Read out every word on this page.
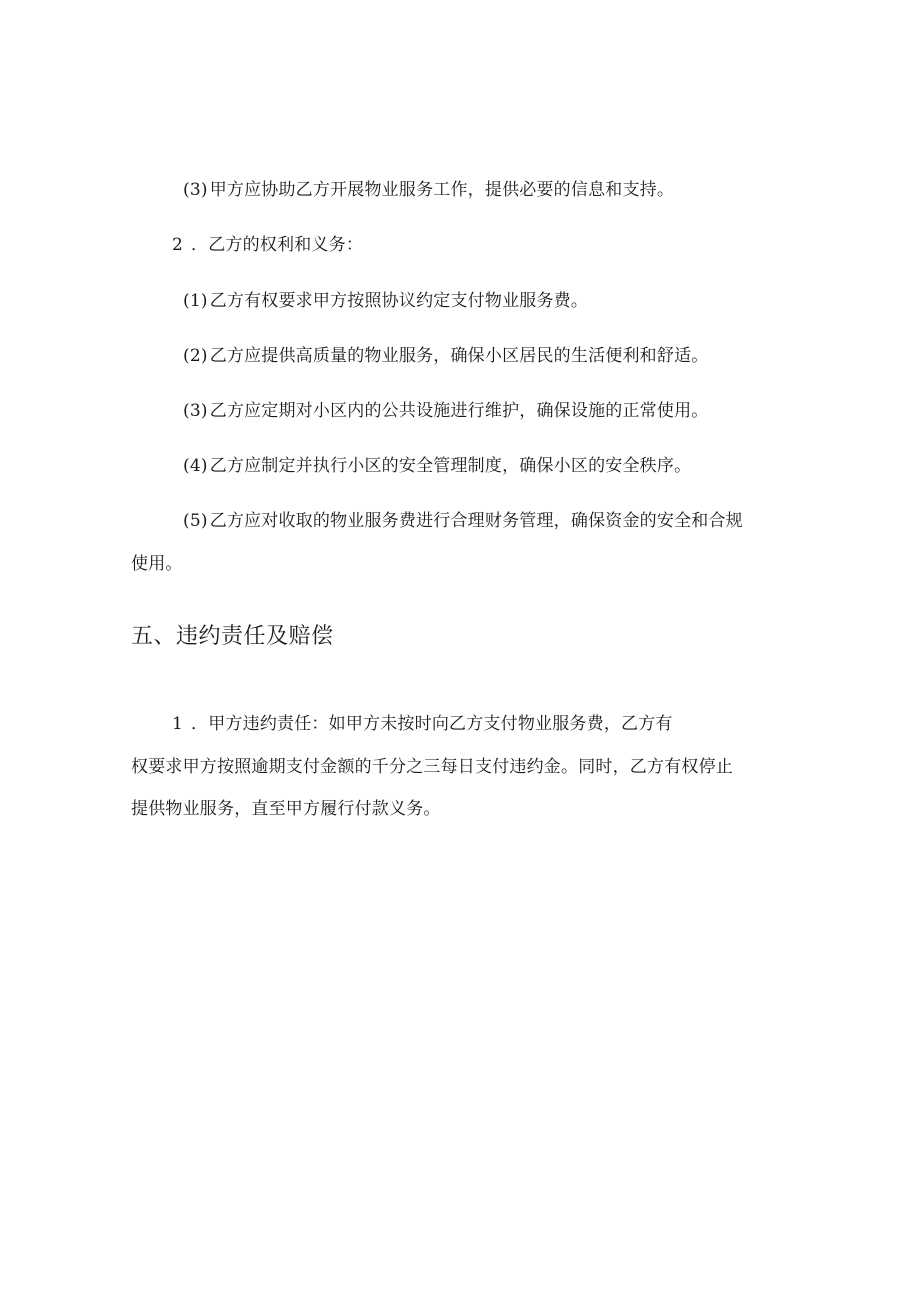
(3) 甲方应协助乙方开展物业服务工作，提供必要的信息和支持。
2 ．乙方的权利和义务：
(1) 乙方有权要求甲方按照协议约定支付物业服务费。
(2) 乙方应提供高质量的物业服务，确保小区居民的生活便利和舒适。
(3) 乙方应定期对小区内的公共设施进行维护，确保设施的正常使用。
(4) 乙方应制定并执行小区的安全管理制度，确保小区的安全秩序。
(5) 乙方应对收取的物业服务费进行合理财务管理，确保资金的安全和合规
使用。
五、违约责任及赔偿
1 ．甲方违约责任：如甲方未按时向乙方支付物业服务费，乙方有
权要求甲方按照逾期支付金额的千分之三每日支付违约金。同时，乙方有权停止
提供物业服务，直至甲方履行付款义务。
